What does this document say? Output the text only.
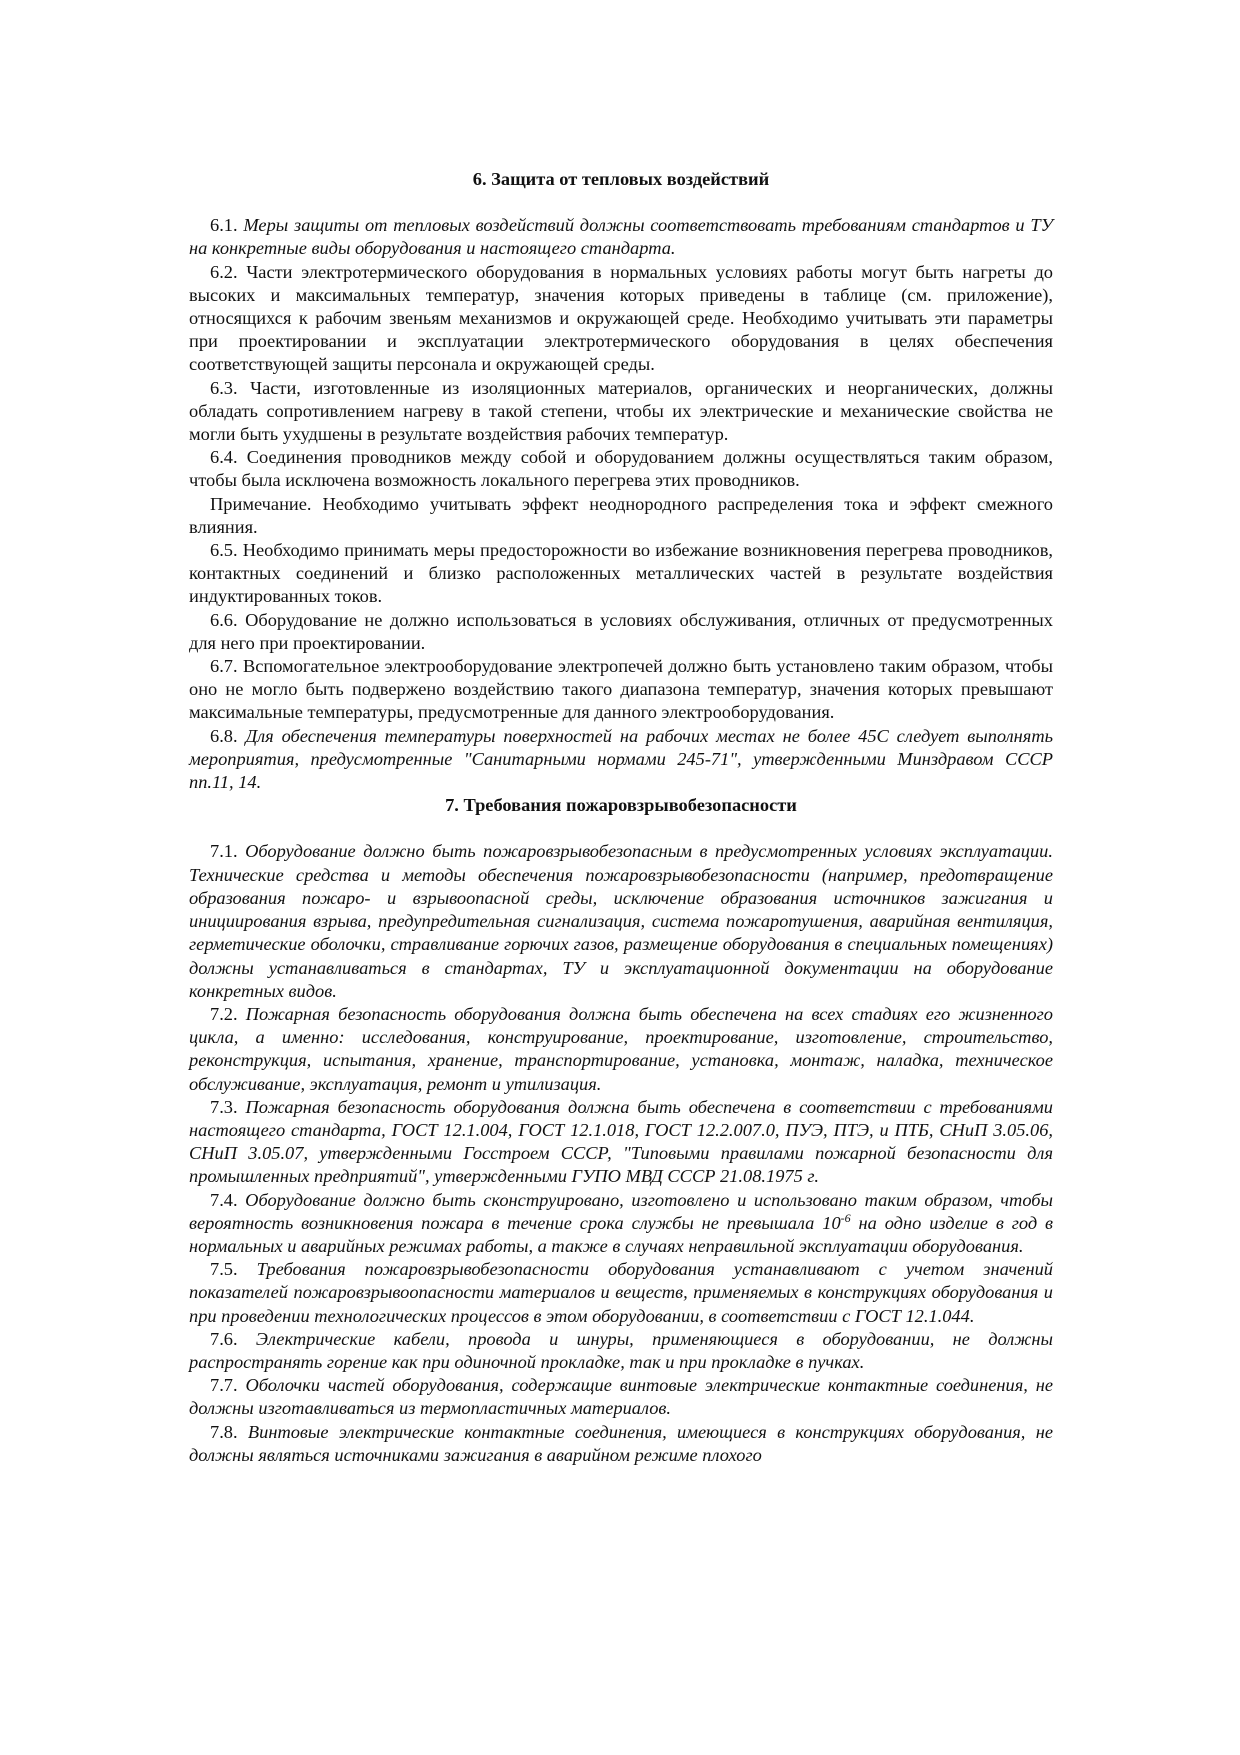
6. Защита от тепловых воздействий

6.1. Меры защиты от тепловых воздействий должны соответствовать требованиям стандартов и ТУ на конкретные виды оборудования и настоящего стандарта.

6.2. Части электротермического оборудования в нормальных условиях работы могут быть нагреты до высоких и максимальных температур, значения которых приведены в таблице (см. приложение), относящихся к рабочим звеньям механизмов и окружающей среде. Необходимо учитывать эти параметры при проектировании и эксплуатации электротермического оборудования в целях обеспечения соответствующей защиты персонала и окружающей среды.

6.3. Части, изготовленные из изоляционных материалов, органических и неорганических, должны обладать сопротивлением нагреву в такой степени, чтобы их электрические и механические свойства не могли быть ухудшены в результате воздействия рабочих температур.

6.4. Соединения проводников между собой и оборудованием должны осуществляться таким образом, чтобы была исключена возможность локального перегрева этих проводников.

Примечание. Необходимо учитывать эффект неоднородного распределения тока и эффект смежного влияния.

6.5. Необходимо принимать меры предосторожности во избежание возникновения перегрева проводников, контактных соединений и близко расположенных металлических частей в результате воздействия индуктированных токов.

6.6. Оборудование не должно использоваться в условиях обслуживания, отличных от предусмотренных для него при проектировании.

6.7. Вспомогательное электрооборудование электропечей должно быть установлено таким образом, чтобы оно не могло быть подвержено воздействию такого диапазона температур, значения которых превышают максимальные температуры, предусмотренные для данного электрооборудования.

6.8. Для обеспечения температуры поверхностей на рабочих местах не более 45С следует выполнять мероприятия, предусмотренные "Санитарными нормами 245-71", утвержденными Минздравом СССР пп.11, 14.

7. Требования пожаровзрывобезопасности

7.1. Оборудование должно быть пожаровзрывобезопасным в предусмотренных условиях эксплуатации. Технические средства и методы обеспечения пожаровзрывобезопасности (например, предотвращение образования пожаро- и взрывоопасной среды, исключение образования источников зажигания и инициирования взрыва, предупредительная сигнализация, система пожаротушения, аварийная вентиляция, герметические оболочки, стравливание горючих газов, размещение оборудования в специальных помещениях) должны устанавливаться в стандартах, ТУ и эксплуатационной документации на оборудование конкретных видов.

7.2. Пожарная безопасность оборудования должна быть обеспечена на всех стадиях его жизненного цикла, а именно: исследования, конструирование, проектирование, изготовление, строительство, реконструкция, испытания, хранение, транспортирование, установка, монтаж, наладка, техническое обслуживание, эксплуатация, ремонт и утилизация.

7.3. Пожарная безопасность оборудования должна быть обеспечена в соответствии с требованиями настоящего стандарта, ГОСТ 12.1.004, ГОСТ 12.1.018, ГОСТ 12.2.007.0, ПУЭ, ПТЭ, и ПТБ, СНиП 3.05.06, СНиП 3.05.07, утвержденными Госстроем СССР, "Типовыми правилами пожарной безопасности для промышленных предприятий", утвержденными ГУПО МВД СССР 21.08.1975 г.

7.4. Оборудование должно быть сконструировано, изготовлено и использовано таким образом, чтобы вероятность возникновения пожара в течение срока службы не превышала $10^{-6}$ на одно изделие в год в нормальных и аварийных режимах работы, а также в случаях неправильной эксплуатации оборудования.

7.5. Требования пожаровзрывобезопасности оборудования устанавливают с учетом значений показателей пожаровзрывоопасности материалов и веществ, применяемых в конструкциях оборудования и при проведении технологических процессов в этом оборудовании, в соответствии с ГОСТ 12.1.044.

7.6. Электрические кабели, провода и шнуры, применяющиеся в оборудовании, не должны распространять горение как при одиночной прокладке, так и при прокладке в пучках.

7.7. Оболочки частей оборудования, содержащие винтовые электрические контактные соединения, не должны изготавливаться из термопластичных материалов.

7.8. Винтовые электрические контактные соединения, имеющиеся в конструкциях оборудования, не должны являться источниками зажигания в аварийном режиме плохого
